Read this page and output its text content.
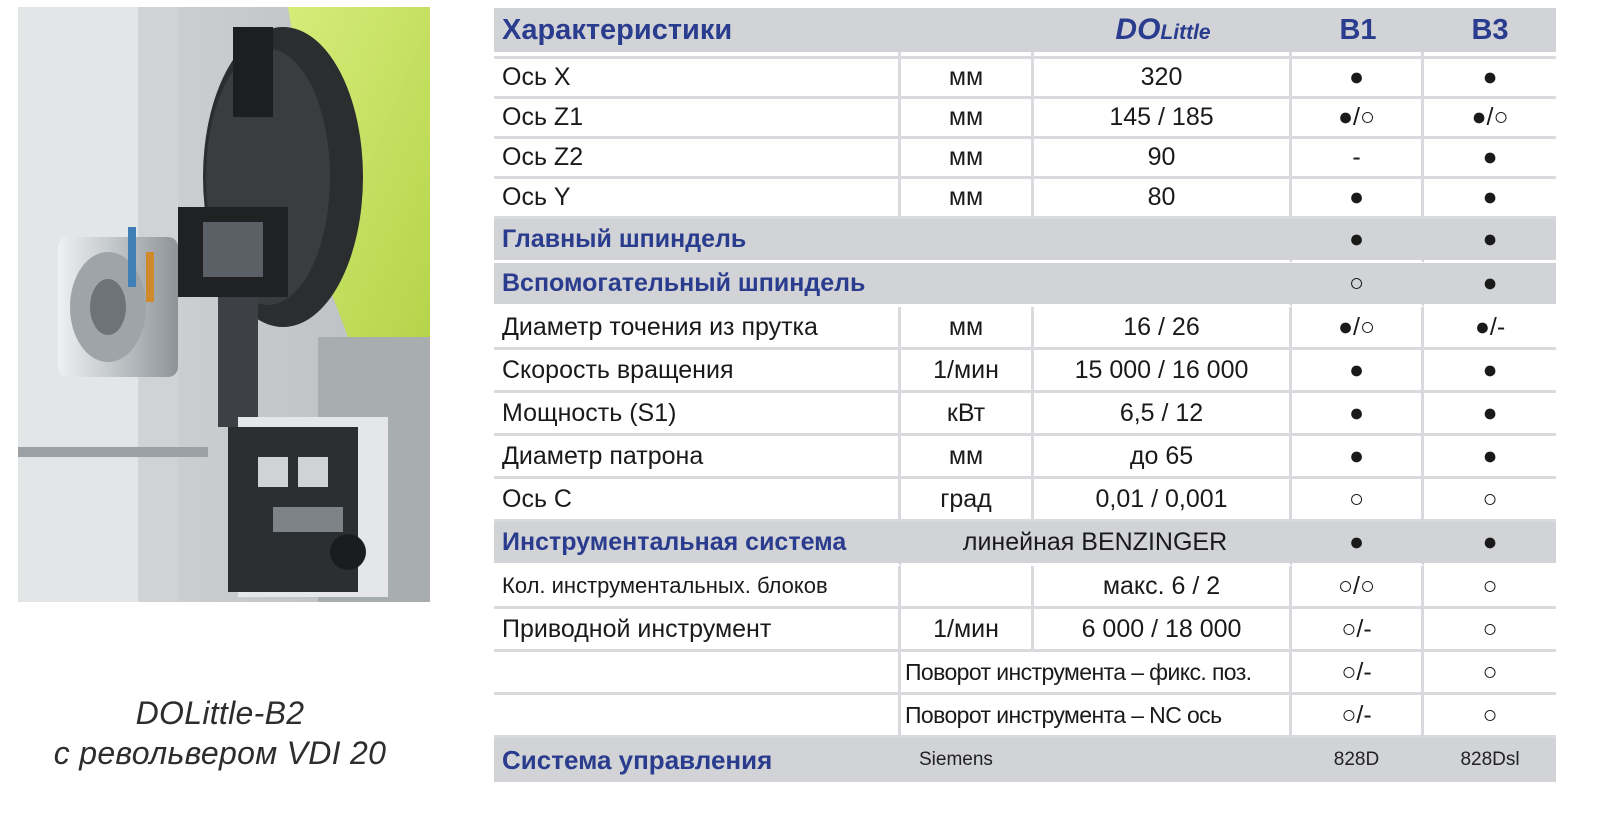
DOLittle-B2
с револьвером VDI 20
Характеристики		DOLittle	B1	B3

Ось X	мм	320	●	●
Ось Z1	мм	145 / 185	●/○	●/○
Ось Z2	мм	90	-	●
Ось Y	мм	80	●	●
Главный шпиндель			●	●
Вспомогательный шпиндель			○	●
Диаметр точения из прутка	мм	16 / 26	●/○	●/-
Скорость вращения	1/мин	15 000 / 16 000	●	●
Мощность (S1)	кВт	6,5 / 12	●	●
Диаметр патрона	мм	до 65	●	●
Ось С	град	0,01 / 0,001	○	○
Инструментальная система	линейная BENZINGER		●	●
Кол. инструментальных. блоков		макс. 6 / 2	○/○	○
Приводной инструмент	1/мин	6 000 / 18 000	○/-	○
	Поворот инструмента – фикс. поз.		○/-	○
	Поворот инструмента – NC ось		○/-	○
Система управления	Siemens		828D	828Dsl
